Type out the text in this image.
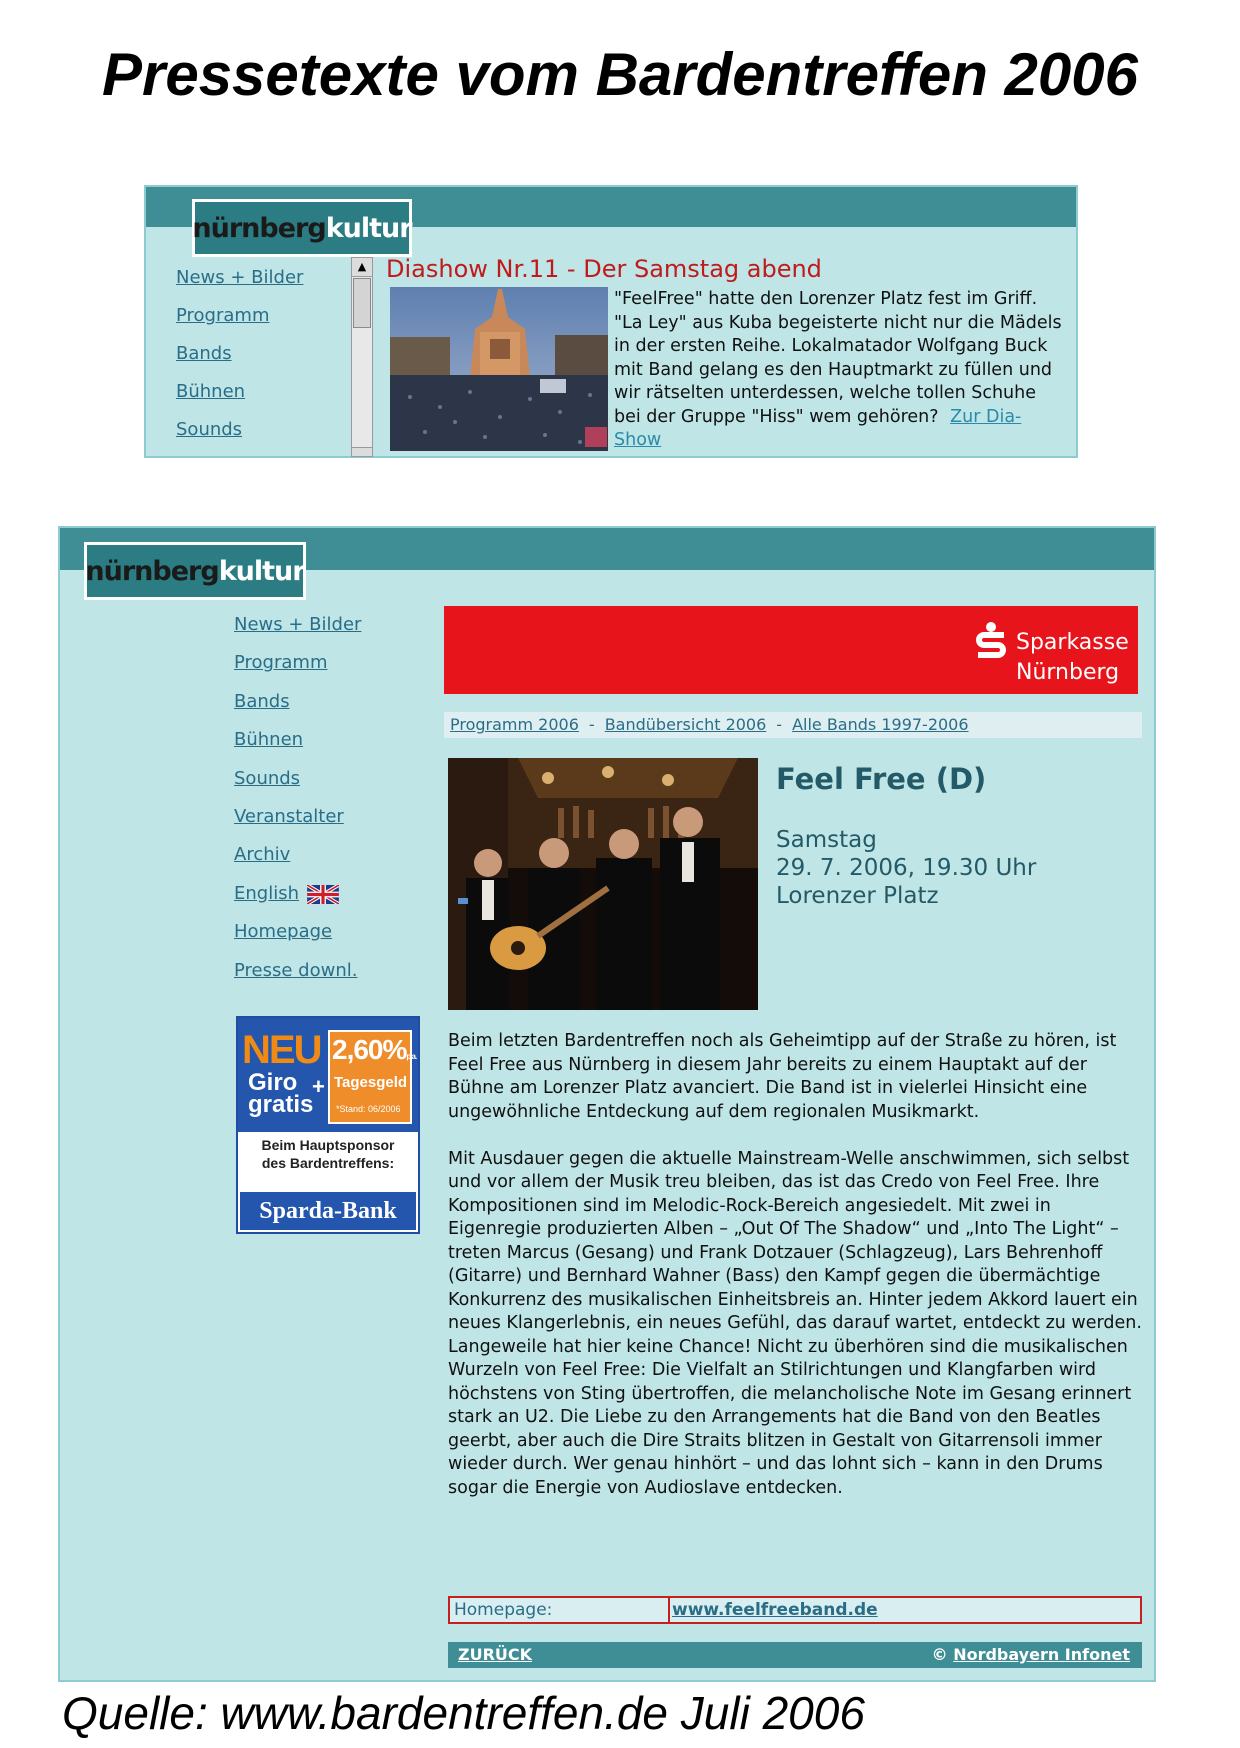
Pressetexte vom Bardentreffen 2006
nürnberg kultur
News + Bilder
Programm
Bands
Bühnen
Sounds
▲ Diashow Nr.11 - Der Samstag abend
"FeelFree" hatte den Lorenzer Platz fest im Griff. "La Ley" aus Kuba begeisterte nicht nur die Mädels in der ersten Reihe. Lokalmatador Wolfgang Buck mit Band gelang es den Hauptmarkt zu füllen und wir rätselten unterdessen, welche tollen Schuhe bei der Gruppe "Hiss" wem gehören? Zur Dia-Show
nürnberg kultur
News + Bilder
Programm
Bands
Bühnen
Sounds
Veranstalter
Archiv
English
Homepage
Presse downl.
NEU
Giro
gratis
+
2,60%p.a.
Tagesgeld
*Stand: 06/2006
Beim Hauptsponsor
des Bardentreffens:
Sparda-Bank
Sparkasse
Nürnberg
Programm 2006 - Bandübersicht 2006 - Alle Bands 1997-2006
Feel Free (D)
Samstag
29. 7. 2006, 19.30 Uhr
Lorenzer Platz

Beim letzten Bardentreffen noch als Geheimtipp auf der Straße zu hören, ist Feel Free aus Nürnberg in diesem Jahr bereits zu einem Hauptakt auf der Bühne am Lorenzer Platz avanciert. Die Band ist in vielerlei Hinsicht eine ungewöhnliche Entdeckung auf dem regionalen Musikmarkt.

Mit Ausdauer gegen die aktuelle Mainstream-Welle anschwimmen, sich selbst und vor allem der Musik treu bleiben, das ist das Credo von Feel Free. Ihre Kompositionen sind im Melodic-Rock-Bereich angesiedelt. Mit zwei in Eigenregie produzierten Alben – „Out Of The Shadow“ und „Into The Light“ – treten Marcus (Gesang) und Frank Dotzauer (Schlagzeug), Lars Behrenhoff (Gitarre) und Bernhard Wahner (Bass) den Kampf gegen die übermächtige Konkurrenz des musikalischen Einheitsbreis an. Hinter jedem Akkord lauert ein neues Klangerlebnis, ein neues Gefühl, das darauf wartet, entdeckt zu werden. Langeweile hat hier keine Chance! Nicht zu überhören sind die musikalischen Wurzeln von Feel Free: Die Vielfalt an Stilrichtungen und Klangfarben wird höchstens von Sting übertroffen, die melancholische Note im Gesang erinnert stark an U2. Die Liebe zu den Arrangements hat die Band von den Beatles geerbt, aber auch die Dire Straits blitzen in Gestalt von Gitarrensoli immer wieder durch. Wer genau hinhört – und das lohnt sich – kann in den Drums sogar die Energie von Audioslave entdecken.

Homepage:	www.feelfreeband.de
ZURÜCK	© Nordbayern Infonet
Quelle: www.bardentreffen.de Juli 2006
